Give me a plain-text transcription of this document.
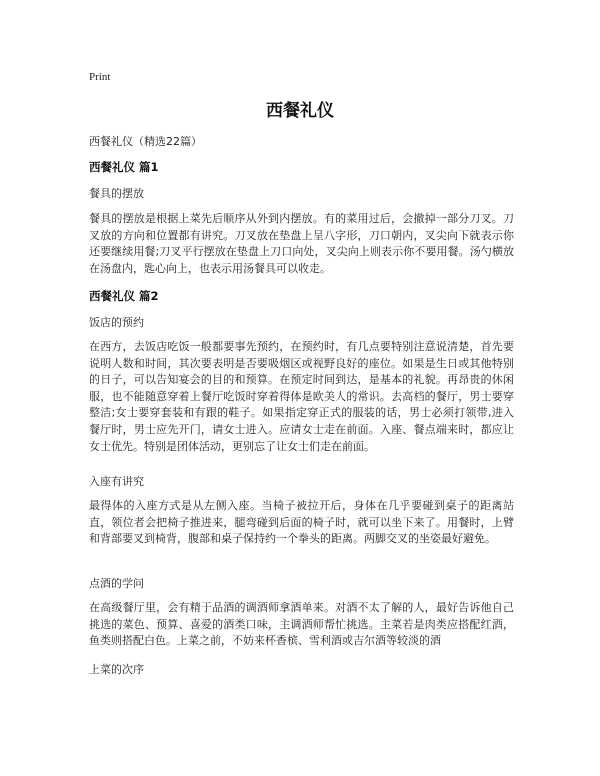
Print
西餐礼仪
西餐礼仪（精选22篇）
西餐礼仪 篇1
餐具的摆放
餐具的摆放是根据上菜先后顺序从外到内摆放。有的菜用过后，会撤掉一部分刀叉。刀叉放的方向和位置都有讲究。刀叉放在垫盘上呈八字形，刀口朝内，叉尖向下就表示你还要继续用餐;刀叉平行摆放在垫盘上刀口向处，叉尖向上则表示你不要用餐。汤勺横放在汤盘内，匙心向上，也表示用汤餐具可以收走。
西餐礼仪 篇2
饭店的预约
在西方，去饭店吃饭一般都要事先预约，在预约时，有几点要特别注意说清楚，首先要说明人数和时间，其次要表明是否要吸烟区或视野良好的座位。如果是生日或其他特别的日子，可以告知宴会的目的和预算。在预定时间到达，是基本的礼貌。再昂贵的休闲服，也不能随意穿着上餐厅吃饭时穿着得体是欧美人的常识。去高档的餐厅，男士要穿整洁;女士要穿套装和有跟的鞋子。如果指定穿正式的服装的话，男士必须打领带,进入餐厅时，男士应先开门，请女士进入。应请女士走在前面。入座、餐点端来时，都应让女士优先。特别是团体活动，更别忘了让女士们走在前面。
入座有讲究
最得体的入座方式是从左侧入座。当椅子被拉开后，身体在几乎要碰到桌子的距离站直，领位者会把椅子推进来，腿弯碰到后面的椅子时，就可以坐下来了。用餐时，上臂和背部要叉到椅背，腹部和桌子保持约一个拳头的距离。两脚交叉的坐姿最好避免。
点酒的学问
在高级餐厅里，会有精于品酒的调酒师拿酒单来。对酒不太了解的人，最好告诉他自己挑选的菜色、预算、喜爱的酒类口味，主调酒师帮忙挑选。主菜若是肉类应搭配红酒，鱼类则搭配白色。上菜之前，不妨来杯香槟、雪利酒或吉尔酒等较淡的酒
上菜的次序
